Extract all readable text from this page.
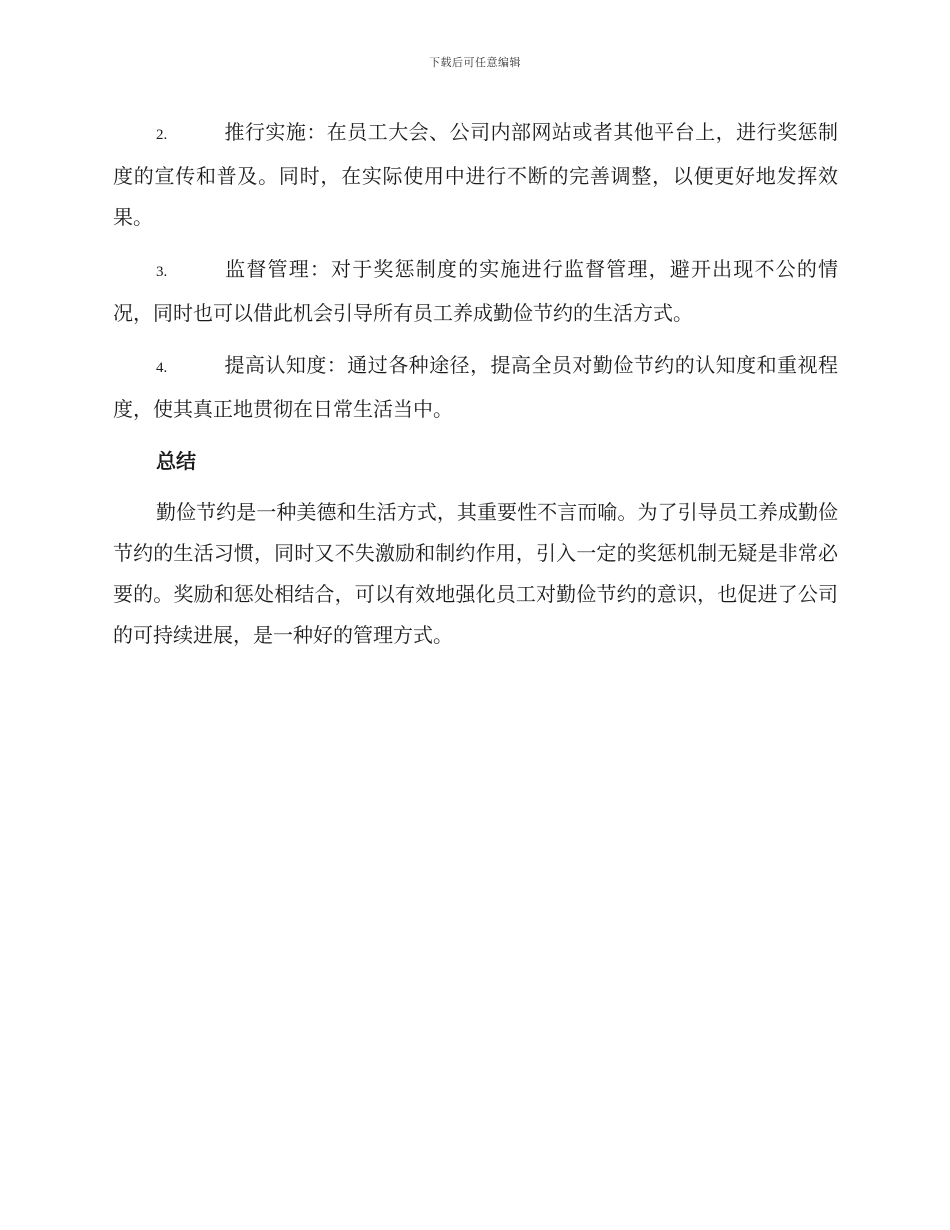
下载后可任意编辑

2.	推行实施：在员工大会、公司内部网站或者其他平台上，进行奖惩制度的宣传和普及。同时，在实际使用中进行不断的完善调整，以便更好地发挥效果。

3.	监督管理：对于奖惩制度的实施进行监督管理，避开出现不公的情况，同时也可以借此机会引导所有员工养成勤俭节约的生活方式。

4.	提高认知度：通过各种途径，提高全员对勤俭节约的认知度和重视程度，使其真正地贯彻在日常生活当中。

总结

勤俭节约是一种美德和生活方式，其重要性不言而喻。为了引导员工养成勤俭节约的生活习惯，同时又不失激励和制约作用，引入一定的奖惩机制无疑是非常必要的。奖励和惩处相结合，可以有效地强化员工对勤俭节约的意识，也促进了公司的可持续进展，是一种好的管理方式。
